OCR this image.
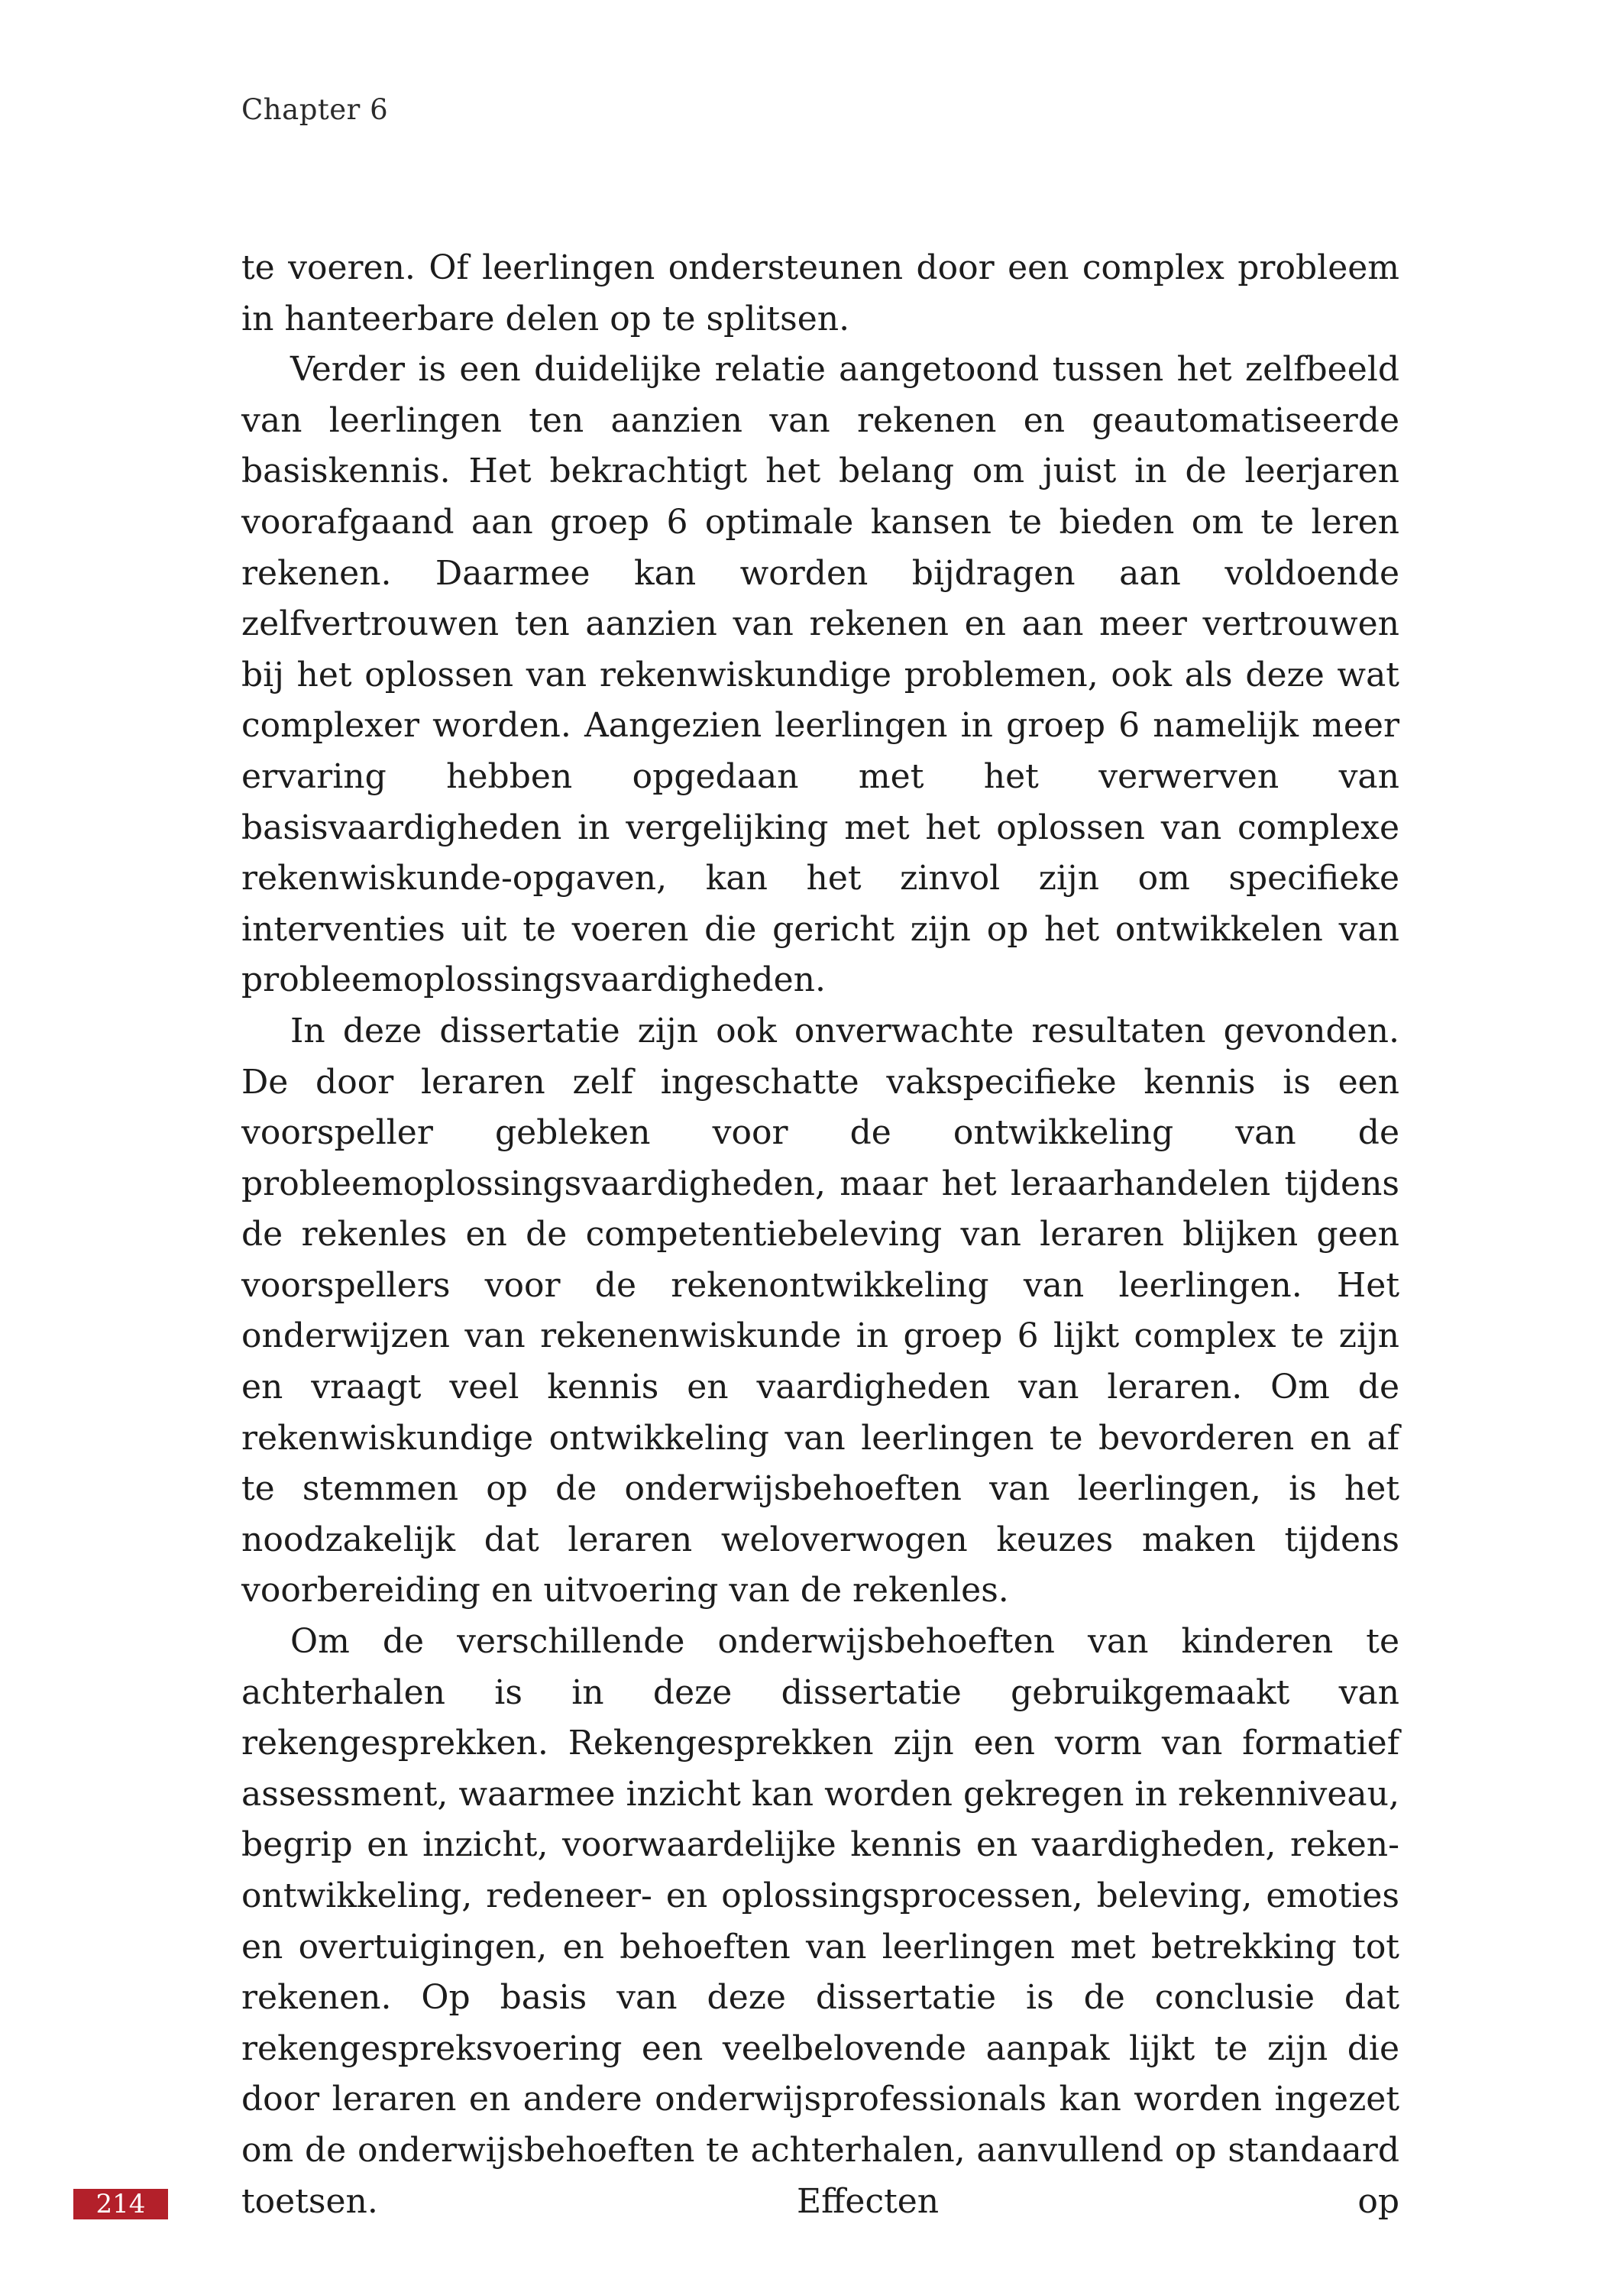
Chapter 6

te voeren. Of leerlingen ondersteunen door een complex probleem in hanteerbare delen op te splitsen.

Verder is een duidelijke relatie aangetoond tussen het zelfbeeld van leerlingen ten aanzien van rekenen en geautomatiseerde basiskennis. Het bekrachtigt het belang om juist in de leerjaren voorafgaand aan groep 6 optimale kansen te bieden om te leren rekenen. Daarmee kan worden bijdragen aan voldoende zelfvertrouwen ten aanzien van rekenen en aan meer vertrouwen bij het oplossen van rekenwiskundige problemen, ook als deze wat complexer worden. Aangezien leerlingen in groep 6 namelijk meer ervaring hebben opgedaan met het verwerven van basisvaardigheden in vergelijking met het oplossen van complexe rekenwiskunde-opgaven, kan het zinvol zijn om specifieke interventies uit te voeren die gericht zijn op het ontwikkelen van probleemoplossingsvaardigheden.

In deze dissertatie zijn ook onverwachte resultaten gevonden. De door leraren zelf ingeschatte vakspecifieke kennis is een voorspeller gebleken voor de ontwikkeling van de probleemoplossingsvaardigheden, maar het leraarhandelen tijdens de rekenles en de competentiebeleving van leraren blijken geen voorspellers voor de rekenontwikkeling van leerlingen. Het onderwijzen van rekenenwiskunde in groep 6 lijkt complex te zijn en vraagt veel kennis en vaardigheden van leraren. Om de rekenwiskundige ontwikkeling van leerlingen te bevorderen en af te stemmen op de onderwijsbehoeften van leerlingen, is het noodzakelijk dat leraren weloverwogen keuzes maken tijdens voorbereiding en uitvoering van de rekenles.

Om de verschillende onderwijsbehoeften van kinderen te achterhalen is in deze dissertatie gebruikgemaakt van rekengesprekken. Rekengesprekken zijn een vorm van formatief assessment, waarmee inzicht kan worden gekregen in rekenniveau, begrip en inzicht, voorwaardelijke kennis en vaardigheden, rekenontwikkeling, redeneer- en oplossingsprocessen, beleving, emoties en overtuigingen, en behoeften van leerlingen met betrekking tot rekenen. Op basis van deze dissertatie is de conclusie dat rekengespreksvoering een veelbelovende aanpak lijkt te zijn die door leraren en andere onderwijsprofessionals kan worden ingezet om de onderwijsbehoeften te achterhalen, aanvullend op standaard toetsen. Effecten op

214
